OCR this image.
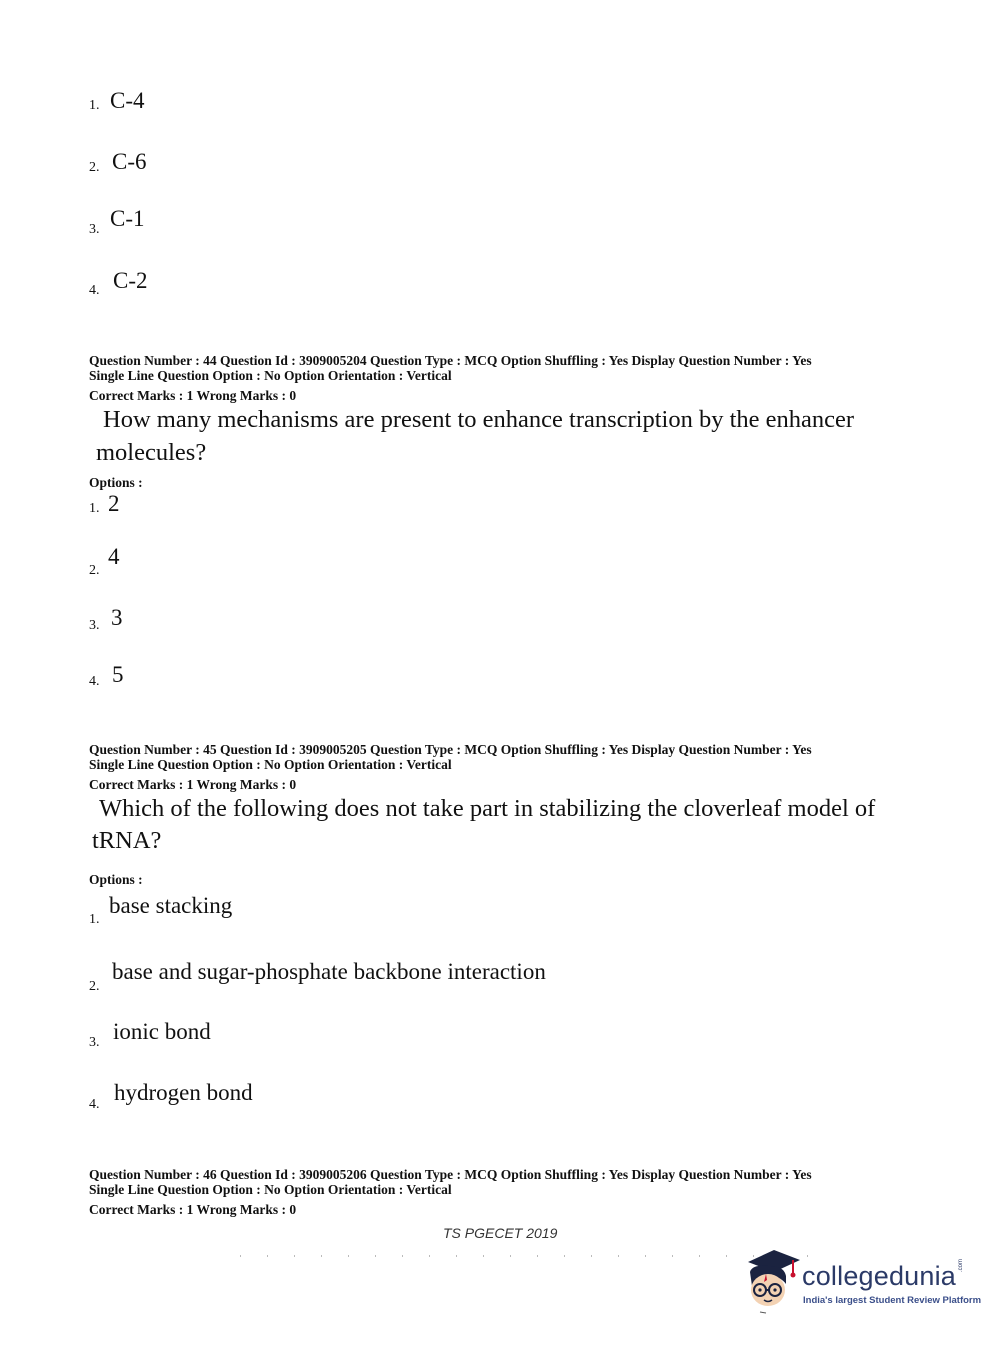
1. C-4
2. C-6
3. C-1
4. C-2
Question Number : 44 Question Id : 3909005204 Question Type : MCQ Option Shuffling : Yes Display Question Number : Yes
Single Line Question Option : No Option Orientation : Vertical
Correct Marks : 1 Wrong Marks : 0
How many mechanisms are present to enhance transcription by the enhancer
molecules?
Options :
1. 2
2.
4
3. 3
4. 5
Question Number : 45 Question Id : 3909005205 Question Type : MCQ Option Shuffling : Yes Display Question Number : Yes
Single Line Question Option : No Option Orientation : Vertical
Correct Marks : 1 Wrong Marks : 0
Which of the following does not take part in stabilizing the cloverleaf model of
tRNA?
Options :
1.
base stacking
2.
base and sugar-phosphate backbone interaction
3. ionic bond
4. hydrogen bond
Question Number : 46 Question Id : 3909005206 Question Type : MCQ Option Shuffling : Yes Display Question Number : Yes
Single Line Question Option : No Option Orientation : Vertical
Correct Marks : 1 Wrong Marks : 0
TS PGECET 2019
collegedunia .com
India's largest Student Review Platform
